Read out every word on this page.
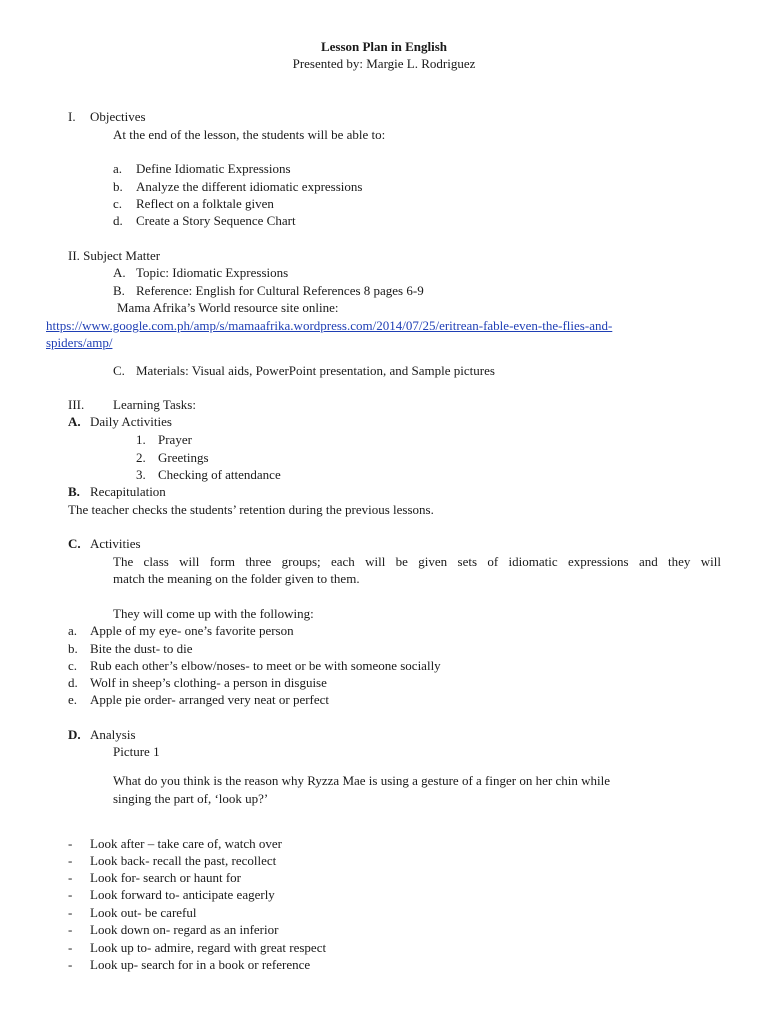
Lesson Plan in English
Presented by: Margie L. Rodriguez
I. Objectives
At the end of the lesson, the students will be able to:
a. Define Idiomatic Expressions
b. Analyze the different idiomatic expressions
c. Reflect on a folktale given
d. Create a Story Sequence Chart
II. Subject Matter
A. Topic: Idiomatic Expressions
B. Reference: English for Cultural References 8 pages 6-9
Mama Afrika’s World resource site online:
https://www.google.com.ph/amp/s/mamaafrika.wordpress.com/2014/07/25/eritrean-fable-even-the-flies-and-
spiders/amp/
C. Materials: Visual aids, PowerPoint presentation, and Sample pictures
III. Learning Tasks:
A. Daily Activities
1. Prayer
2. Greetings
3. Checking of attendance
B. Recapitulation
The teacher checks the students’ retention during the previous lessons.
C. Activities
The class will form three groups; each will be given sets of idiomatic expressions and they will
match the meaning on the folder given to them.
They will come up with the following:
a. Apple of my eye- one’s favorite person
b. Bite the dust- to die
c. Rub each other’s elbow/noses- to meet or be with someone socially
d. Wolf in sheep’s clothing- a person in disguise
e. Apple pie order- arranged very neat or perfect
D. Analysis
Picture 1
What do you think is the reason why Ryzza Mae is using a gesture of a finger on her chin while
singing the part of, ‘look up?’
- Look after – take care of, watch over
- Look back- recall the past, recollect
- Look for- search or haunt for
- Look forward to- anticipate eagerly
- Look out- be careful
- Look down on- regard as an inferior
- Look up to- admire, regard with great respect
- Look up- search for in a book or reference
